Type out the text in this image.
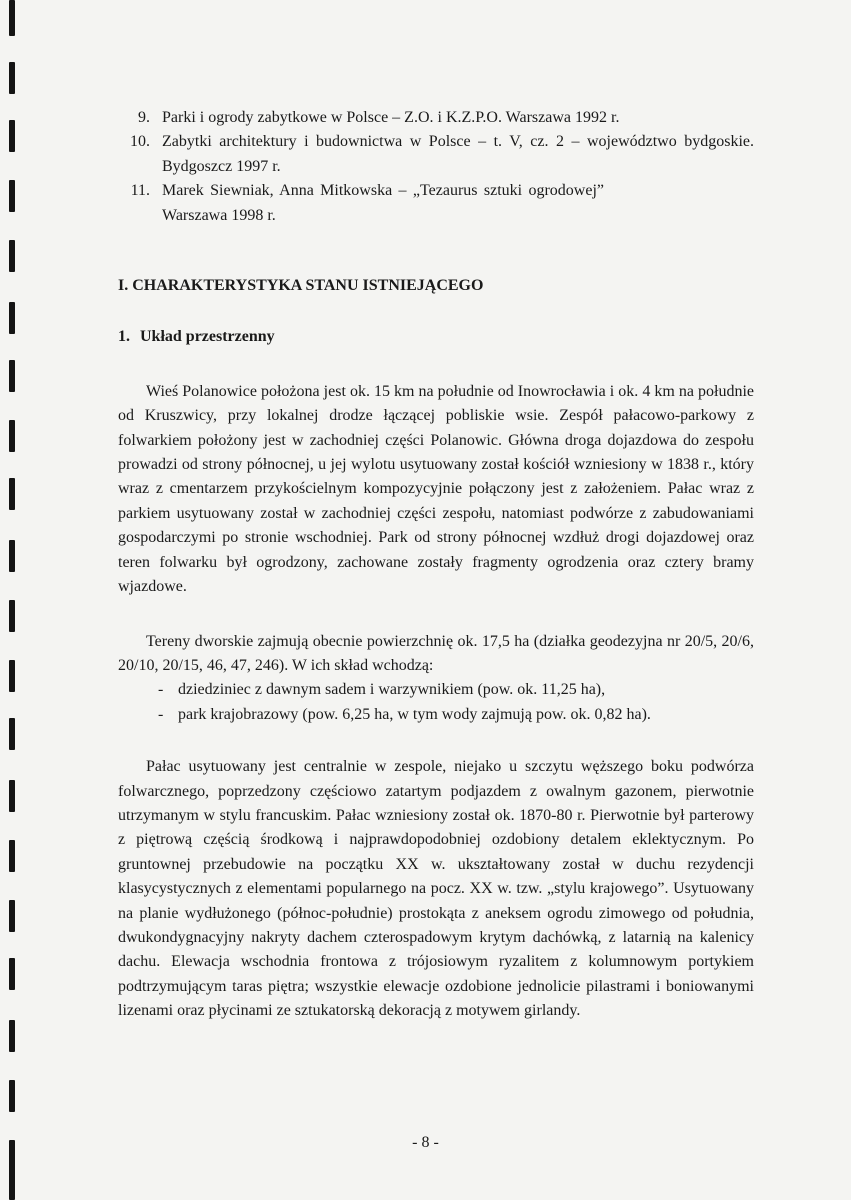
9. Parki i ogrody zabytkowe w Polsce – Z.O. i K.Z.P.O. Warszawa 1992 r.
10. Zabytki architektury i budownictwa w Polsce – t. V, cz. 2 – województwo bydgoskie. Bydgoszcz 1997 r.
11. Marek Siewniak, Anna Mitkowska – „Tezaurus sztuki ogrodowej” Warszawa 1998 r.
I. CHARAKTERYSTYKA STANU ISTNIEJĄCEGO
1. Układ przestrzenny

Wieś Polanowice położona jest ok. 15 km na południe od Inowrocławia i ok. 4 km na południe od Kruszwicy, przy lokalnej drodze łączącej pobliskie wsie. Zespół pałacowo-parkowy z folwarkiem położony jest w zachodniej części Polanowic. Główna droga dojazdowa do zespołu prowadzi od strony północnej, u jej wylotu usytuowany został kościół wzniesiony w 1838 r., który wraz z cmentarzem przykościelnym kompozycyjnie połączony jest z założeniem. Pałac wraz z parkiem usytuowany został w zachodniej części zespołu, natomiast podwórze z zabudowaniami gospodarczymi po stronie wschodniej. Park od strony północnej wzdłuż drogi dojazdowej oraz teren folwarku był ogrodzony, zachowane zostały fragmenty ogrodzenia oraz cztery bramy wjazdowe.

Tereny dworskie zajmują obecnie powierzchnię ok. 17,5 ha (działka geodezyjna nr 20/5, 20/6, 20/10, 20/15, 46, 47, 246). W ich skład wchodzą:

- dziedziniec z dawnym sadem i warzywnikiem (pow. ok. 11,25 ha),
- park krajobrazowy (pow. 6,25 ha, w tym wody zajmują pow. ok. 0,82 ha).

Pałac usytuowany jest centralnie w zespole, niejako u szczytu węższego boku podwórza folwarcznego, poprzedzony częściowo zatartym podjazdem z owalnym gazonem, pierwotnie utrzymanym w stylu francuskim. Pałac wzniesiony został ok. 1870-80 r. Pierwotnie był parterowy z piętrową częścią środkową i najprawdopodobniej ozdobiony detalem eklektycznym. Po gruntownej przebudowie na początku XX w. ukształtowany został w duchu rezydencji klasycystycznych z elementami popularnego na pocz. XX w. tzw. „stylu krajowego”. Usytuowany na planie wydłużonego (północ-południe) prostokąta z aneksem ogrodu zimowego od południa, dwukondygnacyjny nakryty dachem czterospadowym krytym dachówką, z latarnią na kalenicy dachu. Elewacja wschodnia frontowa z trójosiowym ryzalitem z kolumnowym portykiem podtrzymującym taras piętra; wszystkie elewacje ozdobione jednolicie pilastrami i boniowanymi lizenami oraz płycinami ze sztukatorską dekoracją z motywem girlandy.

- 8 -
